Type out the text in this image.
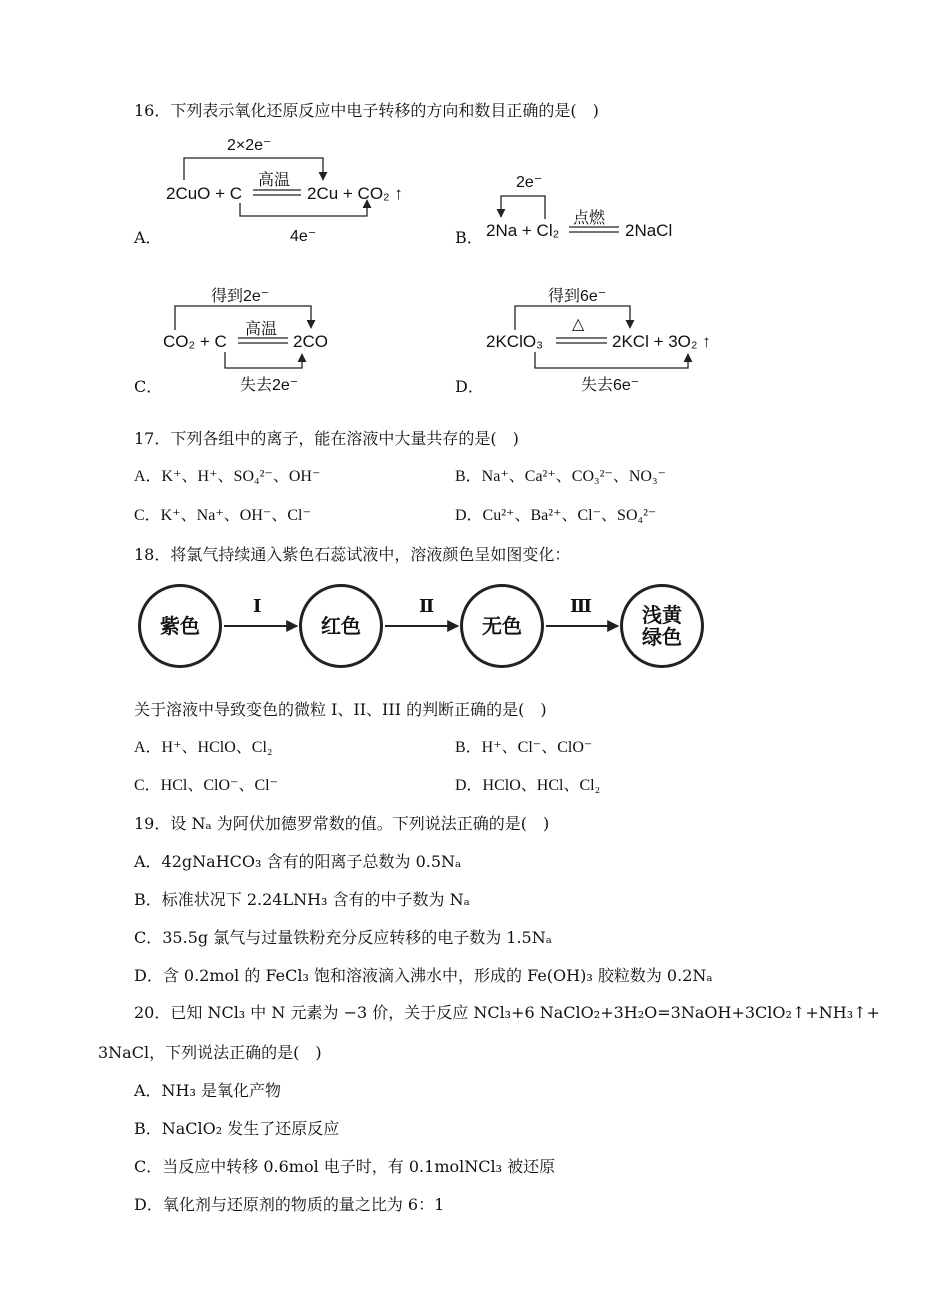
16．下列表示氧化还原反应中电子转移的方向和数目正确的是(　)
A．
2×2e⁻
高温
2CuO + C	2Cu + CO₂ ↑
4e⁻	B．
2e⁻
点燃
2Na + Cl₂	2NaCl
C．
得到2e⁻
高温
CO₂ + C	2CO
失去2e⁻	D．
得到6e⁻
△
2KClO₃	2KCl + 3O₂ ↑
失去6e⁻
17．下列各组中的离子，能在溶液中大量共存的是(　)
A．K⁺、H⁺、SO₄²⁻、OH⁻	B．Na⁺、Ca²⁺、CO₃²⁻、NO₃⁻
C．K⁺、Na⁺、OH⁻、Cl⁻	D．Cu²⁺、Ba²⁺、Cl⁻、SO₄²⁻
18．将氯气持续通入紫色石蕊试液中，溶液颜色呈如图变化：
紫色	红色	无色	浅黄
绿色
Ⅰ	Ⅱ	Ⅲ
关于溶液中导致变色的微粒 I、II、III 的判断正确的是(　)
A．H⁺、HClO、Cl₂	B．H⁺、Cl⁻、ClO⁻
C．HCl、ClO⁻、Cl⁻	D．HClO、HCl、Cl₂
19．设 Nₐ 为阿伏加德罗常数的值。下列说法正确的是(　)
A．42gNaHCO₃ 含有的阳离子总数为 0.5Nₐ
B．标准状况下 2.24LNH₃ 含有的中子数为 Nₐ
C．35.5g 氯气与过量铁粉充分反应转移的电子数为 1.5Nₐ
D．含 0.2mol 的 FeCl₃ 饱和溶液滴入沸水中，形成的 Fe(OH)₃ 胶粒数为 0.2Nₐ
20．已知 NCl₃ 中 N 元素为 −3 价，关于反应 NCl₃+6 NaClO₂+3H₂O=3NaOH+3ClO₂↑+NH₃↑+
3NaCl，下列说法正确的是(　)
A．NH₃ 是氧化产物
B．NaClO₂ 发生了还原反应
C．当反应中转移 0.6mol 电子时，有 0.1molNCl₃ 被还原
D．氧化剂与还原剂的物质的量之比为 6：1
